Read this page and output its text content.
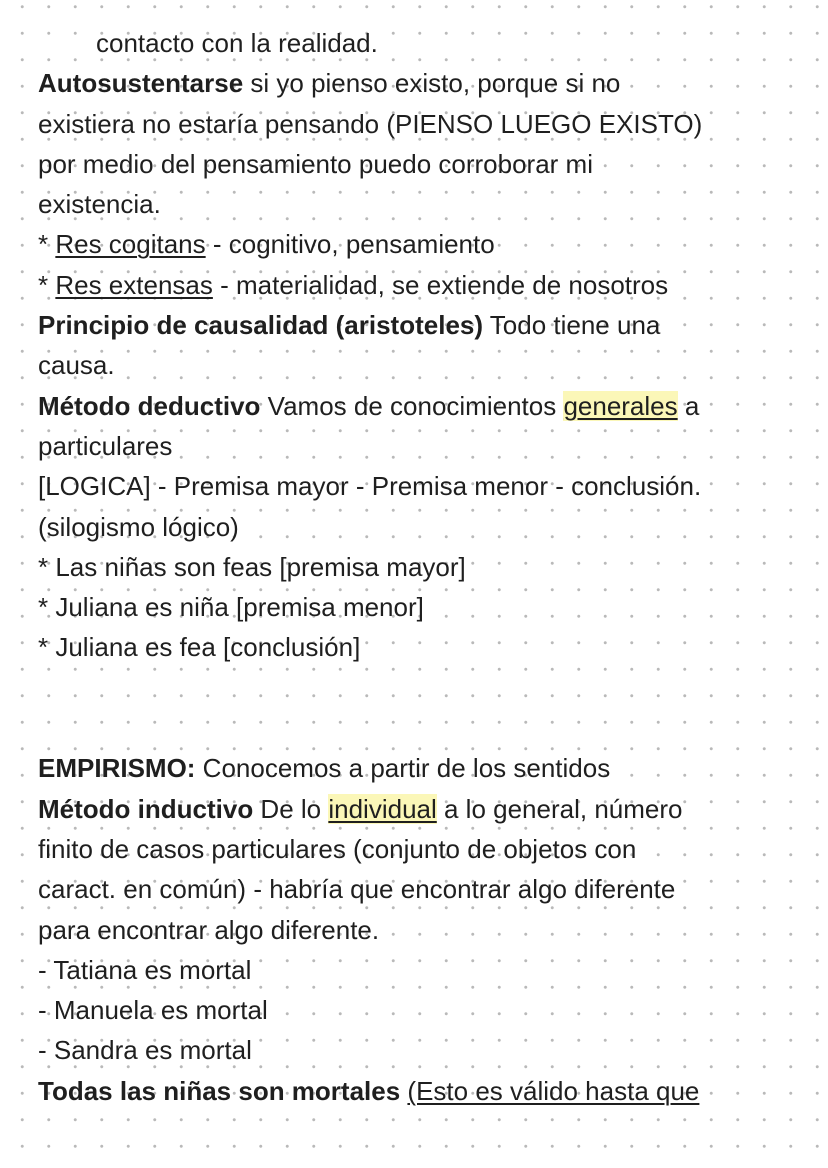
contacto con la realidad.
Autosustentarse si yo pienso existo, porque si no
existiera no estaría pensando (PIENSO LUEGO EXISTO)
por medio del pensamiento puedo corroborar mi
existencia.
* Res cogitans - cognitivo, pensamiento
* Res extensas - materialidad, se extiende de nosotros
Principio de causalidad (aristoteles) Todo tiene una
causa.
Método deductivo Vamos de conocimientos generales a
particulares
[LOGICA] - Premisa mayor - Premisa menor - conclusión.
(silogismo lógico)
* Las niñas son feas [premisa mayor]
* Juliana es niña [premisa menor]
* Juliana es fea [conclusión]
EMPIRISMO: Conocemos a partir de los sentidos
Método inductivo De lo individual a lo general, número
finito de casos particulares (conjunto de objetos con
caract. en común) - habría que encontrar algo diferente
para encontrar algo diferente.
- Tatiana es mortal
- Manuela es mortal
- Sandra es mortal
Todas las niñas son mortales (Esto es válido hasta que
